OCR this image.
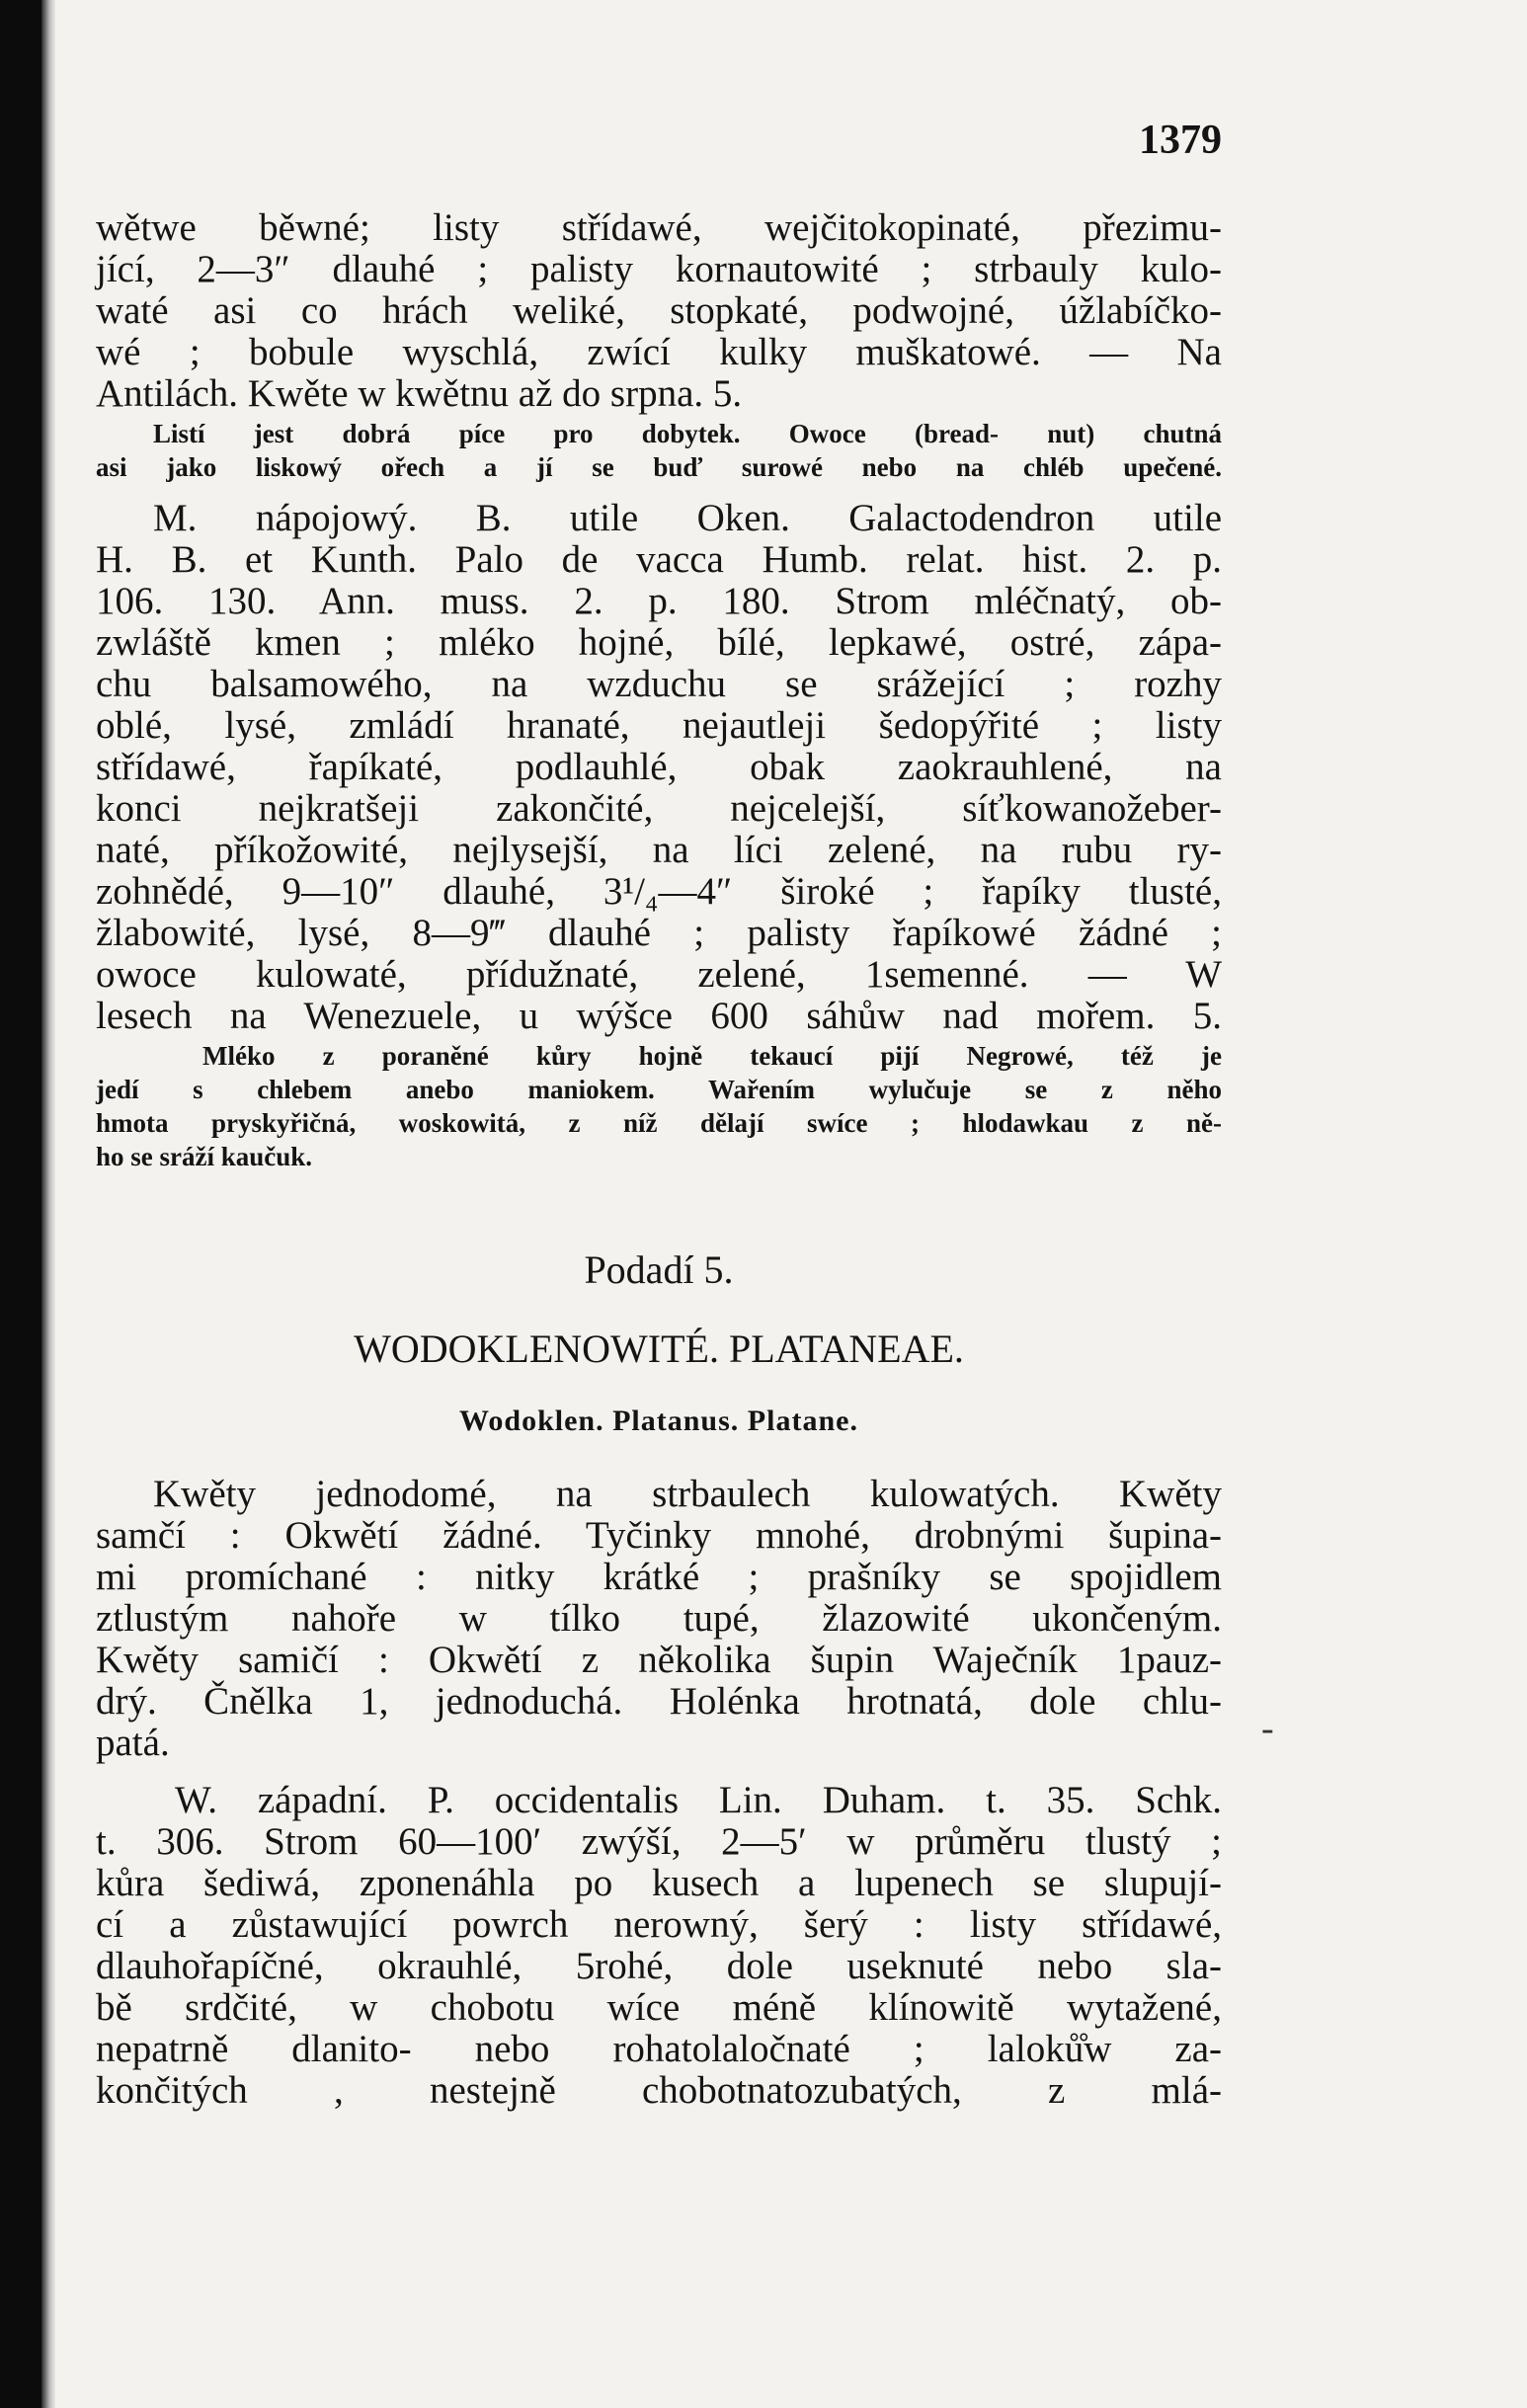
1379
wětwe běwné; listy střídawé, wejčitokopinaté, přezimu-
jící, 2—3″ dlauhé ; palisty kornautowité ; strbauly kulo-
waté asi co hrách weliké, stopkaté, podwojné, úžlabíčko-
wé ; bobule wyschlá, zwící kulky muškatowé. — Na
Antilách. Kwěte w kwětnu až do srpna. 5.
Listí jest dobrá píce pro dobytek. Owoce (bread- nut) chutná
asi jako liskowý ořech a jí se buď surowé nebo na chléb upečené.
M. nápojowý. B. utile Oken. Galactodendron utile
H. B. et Kunth. Palo de vacca Humb. relat. hist. 2. p.
106. 130. Ann. muss. 2. p. 180. Strom mléčnatý, ob-
zwláště kmen ; mléko hojné, bílé, lepkawé, ostré, zápa-
chu balsamowého, na wzduchu se srážející ; rozhy
oblé, lysé, zmládí hranaté, nejautleji šedopýřité ; listy
střídawé, řapíkaté, podlauhlé, obak zaokrauhlené, na
konci nejkratšeji zakončité, nejcelejší, síťkowanožeber-
naté, příkožowité, nejlysejší, na líci zelené, na rubu ry-
zohnědé, 9—10″ dlauhé, 3¹/₄—4″ široké ; řapíky tlusté,
žlabowité, lysé, 8—9‴ dlauhé ; palisty řapíkowé žádné ;
owoce kulowaté, přídužnaté, zelené, 1semenné. — W
lesech na Wenezuele, u wýšce 600 sáhůw nad mořem. 5.
Mléko z poraněné kůry hojně tekaucí pijí Negrowé, též je
jedí s chlebem anebo maniokem. Wařením wylučuje se z něho
hmota pryskyřičná, woskowitá, z níž dělají swíce ; hlodawkau z ně-
ho se sráží kaučuk.
Podadí 5.
WODOKLENOWITÉ. PLATANEAE.
Wodoklen. Platanus. Platane.
Kwěty jednodomé, na strbaulech kulowatých. Kwěty
samčí : Okwětí žádné. Tyčinky mnohé, drobnými šupina-
mi promíchané : nitky krátké ; prašníky se spojidlem
ztlustým nahoře w tílko tupé, žlazowité ukončeným.
Kwěty samičí : Okwětí z několika šupin Waječník 1pauz-
drý. Čnělka 1, jednoduchá. Holénka hrotnatá, dole chlu-
patá.
W. západní. P. occidentalis Lin. Duham. t. 35. Schk.
t. 306. Strom 60—100′ zwýší, 2—5′ w průměru tlustý ;
kůra šediwá, zponenáhla po kusech a lupenech se slupují-
cí a zůstawující powrch nerowný, šerý : listy střídawé,
dlauhořapíčné, okrauhlé, 5rohé, dole useknuté nebo sla-
bě srdčité, w chobotu wíce méně klínowitě wytažené,
nepatrně dlanito- nebo rohatolaločnaté ; laloků̊w za-
končitých , nestejně chobotnatozubatých, z mlá-
-
